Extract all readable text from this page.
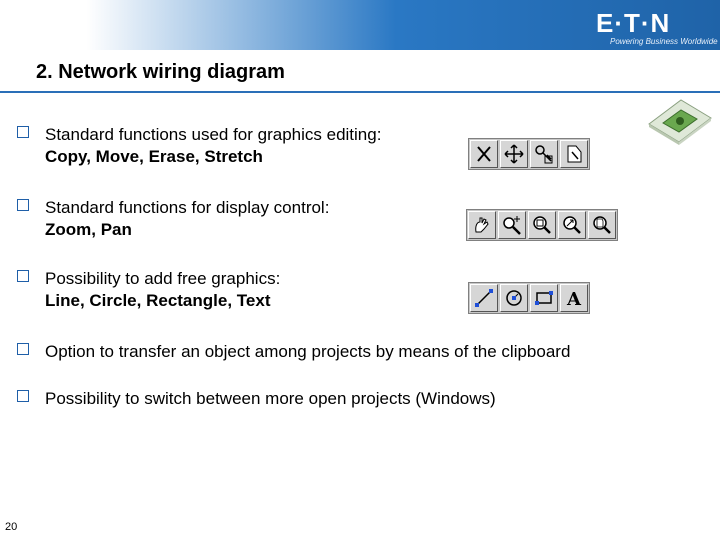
E·T·N
Powering Business Worldwide
2. Network wiring diagram
Standard functions used for graphics editing:
Copy, Move, Erase, Stretch
Standard functions for display control:
Zoom, Pan
Possibility to add free graphics:
Line, Circle, Rectangle, Text	A
Option to transfer an object among projects by means of the clipboard
Possibility to switch between more open projects (Windows)
20
